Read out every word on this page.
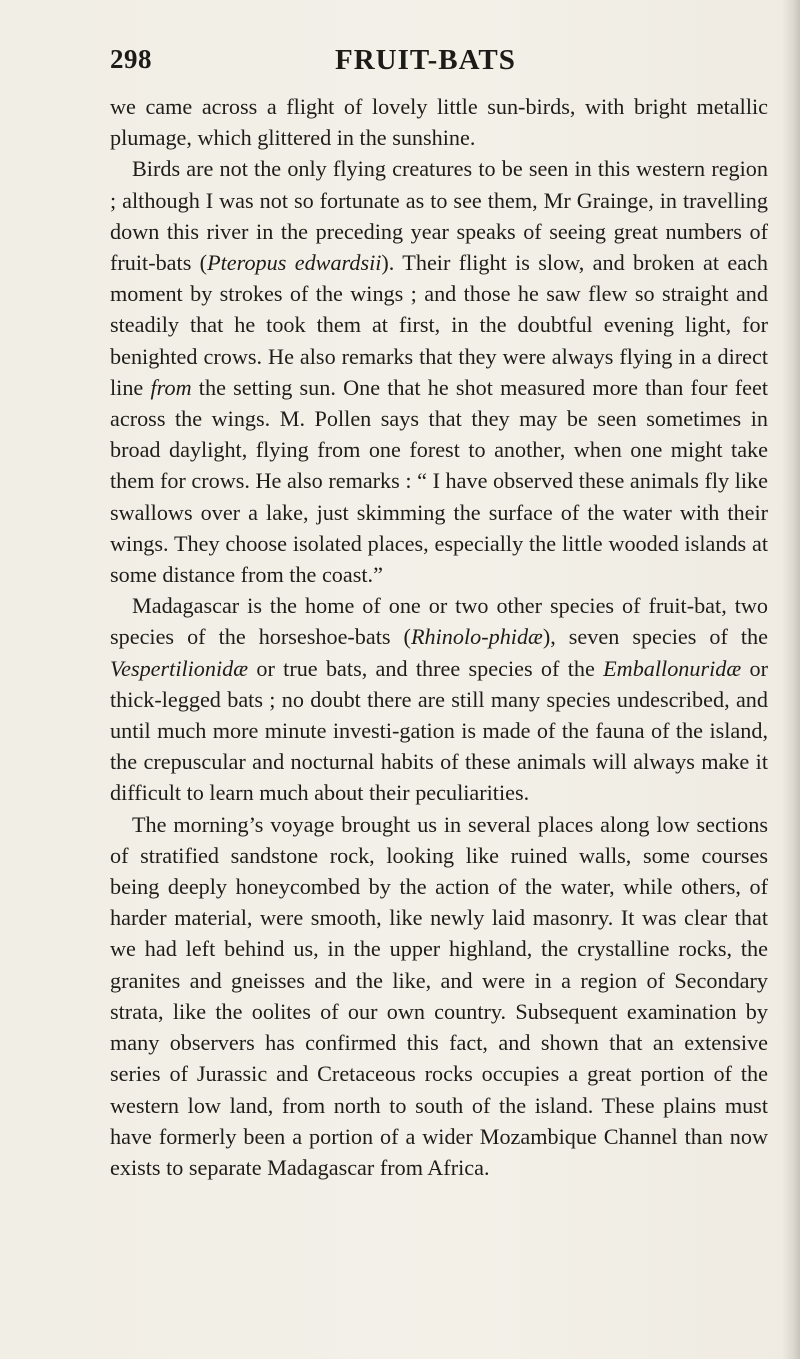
298	FRUIT-BATS

we came across a flight of lovely little sun-birds, with bright metallic plumage, which glittered in the sunshine.

Birds are not the only flying creatures to be seen in this western region ; although I was not so fortunate as to see them, Mr Grainge, in travelling down this river in the preceding year speaks of seeing great numbers of fruit-bats (Pteropus edwardsii). Their flight is slow, and broken at each moment by strokes of the wings ; and those he saw flew so straight and steadily that he took them at first, in the doubtful evening light, for benighted crows. He also remarks that they were always flying in a direct line from the setting sun. One that he shot measured more than four feet across the wings. M. Pollen says that they may be seen sometimes in broad daylight, flying from one forest to another, when one might take them for crows. He also remarks : “ I have observed these animals fly like swallows over a lake, just skimming the surface of the water with their wings. They choose isolated places, especially the little wooded islands at some distance from the coast.”

Madagascar is the home of one or two other species of fruit-bat, two species of the horseshoe-bats (Rhinolo-phidæ), seven species of the Vespertilionidæ or true bats, and three species of the Emballonuridæ or thick-legged bats ; no doubt there are still many species undescribed, and until much more minute investi-gation is made of the fauna of the island, the crepuscular and nocturnal habits of these animals will always make it difficult to learn much about their peculiarities.

The morning’s voyage brought us in several places along low sections of stratified sandstone rock, looking like ruined walls, some courses being deeply honeycombed by the action of the water, while others, of harder material, were smooth, like newly laid masonry. It was clear that we had left behind us, in the upper highland, the crystalline rocks, the granites and gneisses and the like, and were in a region of Secondary strata, like the oolites of our own country. Subsequent examination by many observers has confirmed this fact, and shown that an extensive series of Jurassic and Cretaceous rocks occupies a great portion of the western low land, from north to south of the island. These plains must have formerly been a portion of a wider Mozambique Channel than now exists to separate Madagascar from Africa.
